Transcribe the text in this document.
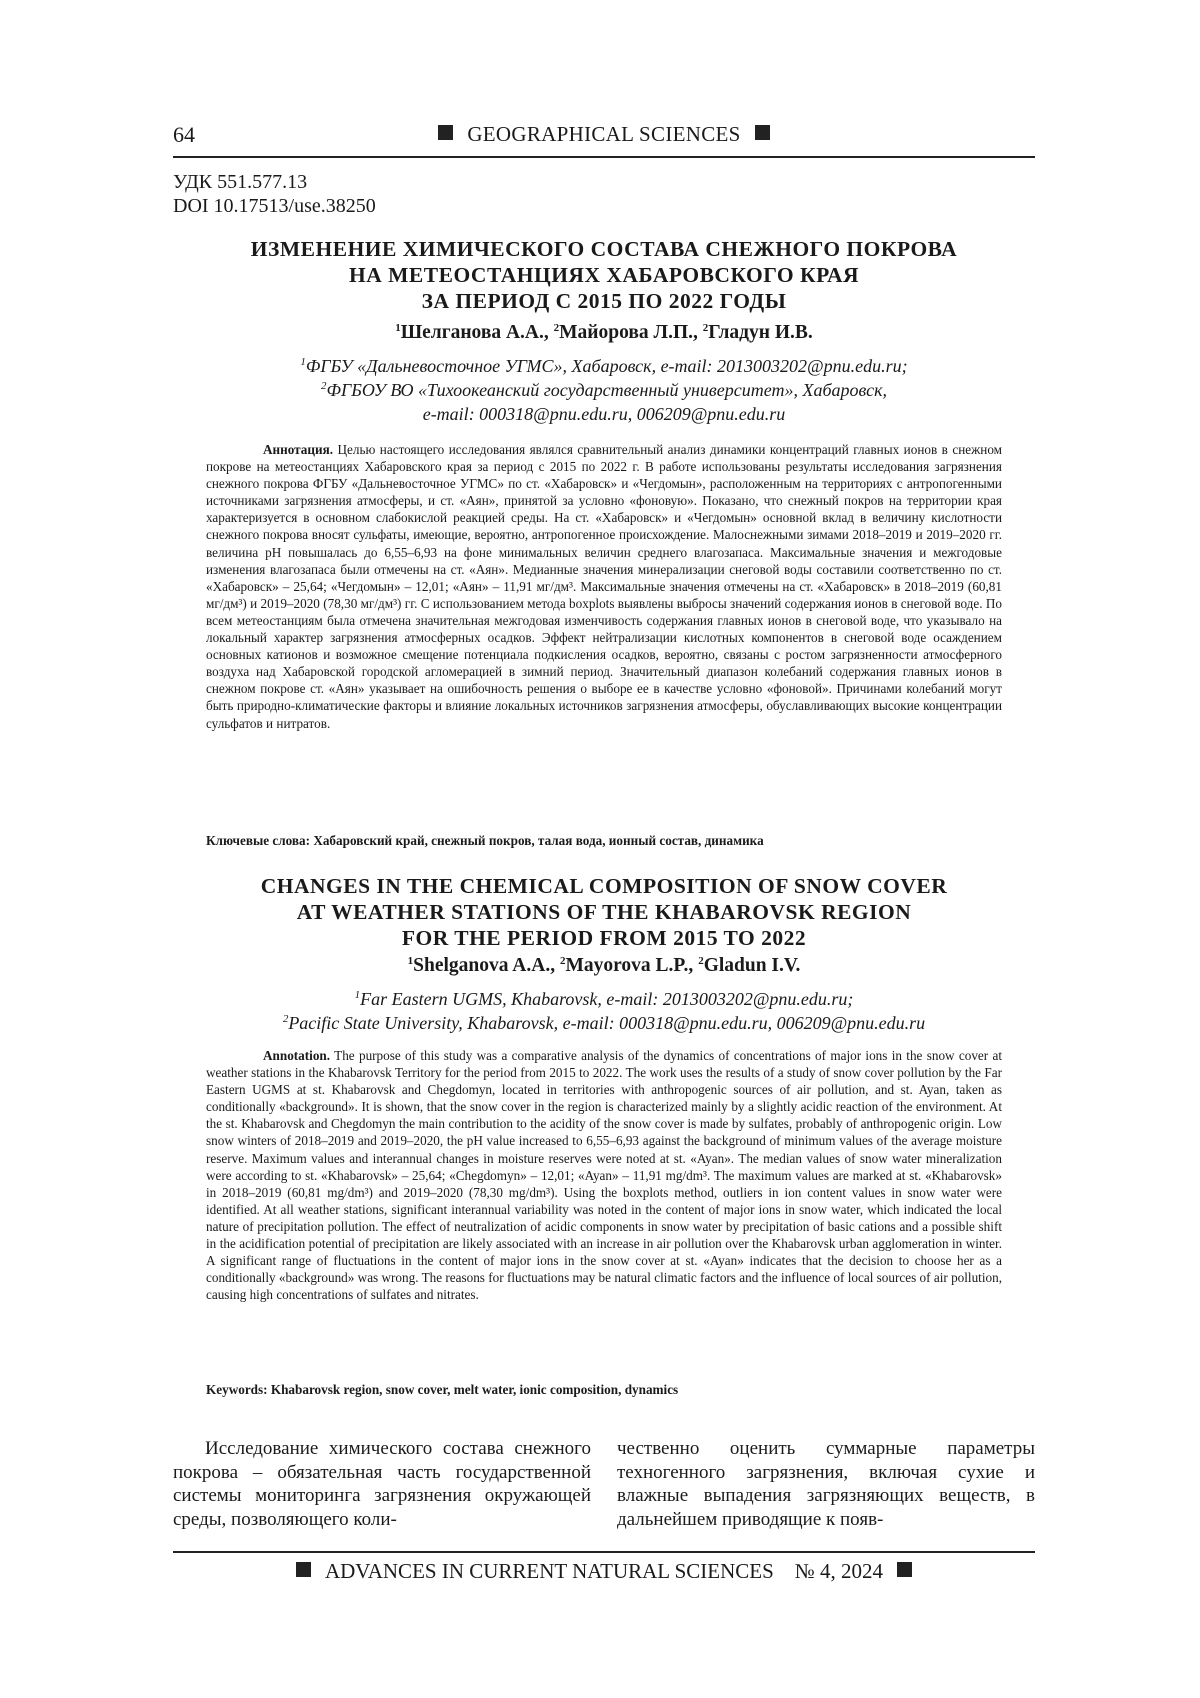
64	GEOGRAPHICAL SCIENCES
УДК 551.577.13
DOI 10.17513/use.38250
ИЗМЕНЕНИЕ ХИМИЧЕСКОГО СОСТАВА СНЕЖНОГО ПОКРОВА
НА МЕТЕОСТАНЦИЯХ ХАБАРОВСКОГО КРАЯ
ЗА ПЕРИОД С 2015 ПО 2022 ГОДЫ
$^1$Шелганова А.А., $^2$Майорова Л.П., $^2$Гладун И.В.
$^1$ФГБУ «Дальневосточное УГМС», Хабаровск, e-mail: 2013003202@pnu.edu.ru;
$^2$ФГБОУ ВО «Тихоокеанский государственный университет», Хабаровск,
e-mail: 000318@pnu.edu.ru, 006209@pnu.edu.ru
Аннотация. Целью настоящего исследования являлся сравнительный анализ динамики концентраций главных ионов в снежном покрове на метеостанциях Хабаровского края за период с 2015 по 2022 г. В работе использованы результаты исследования загрязнения снежного покрова ФГБУ «Дальневосточное УГМС» по ст. «Хабаровск» и «Чегдомын», расположенным на территориях с антропогенными источниками загрязнения атмосферы, и ст. «Аян», принятой за условно «фоновую». Показано, что снежный покров на территории края характеризуется в основном слабокислой реакцией среды. На ст. «Хабаровск» и «Чегдомын» основной вклад в величину кислотности снежного покрова вносят сульфаты, имеющие, вероятно, антропогенное происхождение. Малоснежными зимами 2018–2019 и 2019–2020 гг. величина pH повышалась до 6,55–6,93 на фоне минимальных величин среднего влагозапаса. Максимальные значения и межгодовые изменения влагозапаса были отмечены на ст. «Аян». Медианные значения минерализации снеговой воды составили соответственно по ст. «Хабаровск» – 25,64; «Чегдомын» – 12,01; «Аян» – 11,91 мг/дм³. Максимальные значения отмечены на ст. «Хабаровск» в 2018–2019 (60,81 мг/дм³) и 2019–2020 (78,30 мг/дм³) гг. С использованием метода boxplots выявлены выбросы значений содержания ионов в снеговой воде. По всем метеостанциям была отмечена значительная межгодовая изменчивость содержания главных ионов в снеговой воде, что указывало на локальный характер загрязнения атмосферных осадков. Эффект нейтрализации кислотных компонентов в снеговой воде осаждением основных катионов и возможное смещение потенциала подкисления осадков, вероятно, связаны с ростом загрязненности атмосферного воздуха над Хабаровской городской агломерацией в зимний период. Значительный диапазон колебаний содержания главных ионов в снежном покрове ст. «Аян» указывает на ошибочность решения о выборе ее в качестве условно «фоновой». Причинами колебаний могут быть природно-климатические факторы и влияние локальных источников загрязнения атмосферы, обуславливающих высокие концентрации сульфатов и нитратов.
Ключевые слова: Хабаровский край, снежный покров, талая вода, ионный состав, динамика
CHANGES IN THE CHEMICAL COMPOSITION OF SNOW COVER
AT WEATHER STATIONS OF THE KHABAROVSK REGION
FOR THE PERIOD FROM 2015 TO 2022
$^1$Shelganova A.A., $^2$Mayorova L.P., $^2$Gladun I.V.
$^1$Far Eastern UGMS, Khabarovsk, e-mail: 2013003202@pnu.edu.ru;
$^2$Pacific State University, Khabarovsk, e-mail: 000318@pnu.edu.ru, 006209@pnu.edu.ru
Annotation. The purpose of this study was a comparative analysis of the dynamics of concentrations of major ions in the snow cover at weather stations in the Khabarovsk Territory for the period from 2015 to 2022. The work uses the results of a study of snow cover pollution by the Far Eastern UGMS at st. Khabarovsk and Chegdomyn, located in territories with anthropogenic sources of air pollution, and st. Ayan, taken as conditionally «background». It is shown, that the snow cover in the region is characterized mainly by a slightly acidic reaction of the environment. At the st. Khabarovsk and Chegdomyn the main contribution to the acidity of the snow cover is made by sulfates, probably of anthropogenic origin. Low snow winters of 2018–2019 and 2019–2020, the pH value increased to 6,55–6,93 against the background of minimum values of the average moisture reserve. Maximum values and interannual changes in moisture reserves were noted at st. «Ayan». The median values of snow water mineralization were according to st. «Khabarovsk» – 25,64; «Chegdomyn» – 12,01; «Ayan» – 11,91 mg/dm³. The maximum values are marked at st. «Khabarovsk» in 2018–2019 (60,81 mg/dm³) and 2019–2020 (78,30 mg/dm³). Using the boxplots method, outliers in ion content values in snow water were identified. At all weather stations, significant interannual variability was noted in the content of major ions in snow water, which indicated the local nature of precipitation pollution. The effect of neutralization of acidic components in snow water by precipitation of basic cations and a possible shift in the acidification potential of precipitation are likely associated with an increase in air pollution over the Khabarovsk urban agglomeration in winter. A significant range of fluctuations in the content of major ions in the snow cover at st. «Ayan» indicates that the decision to choose her as a conditionally «background» was wrong. The reasons for fluctuations may be natural climatic factors and the influence of local sources of air pollution, causing high concentrations of sulfates and nitrates.
Keywords: Khabarovsk region, snow cover, melt water, ionic composition, dynamics
Исследование химического состава снежного покрова – обязательная часть государственной системы мониторинга загрязнения окружающей среды, позволяющего коли-
чественно оценить суммарные параметры техногенного загрязнения, включая сухие и влажные выпадения загрязняющих веществ, в дальнейшем приводящие к появ-
ADVANCES IN CURRENT NATURAL SCIENCES № 4, 2024
